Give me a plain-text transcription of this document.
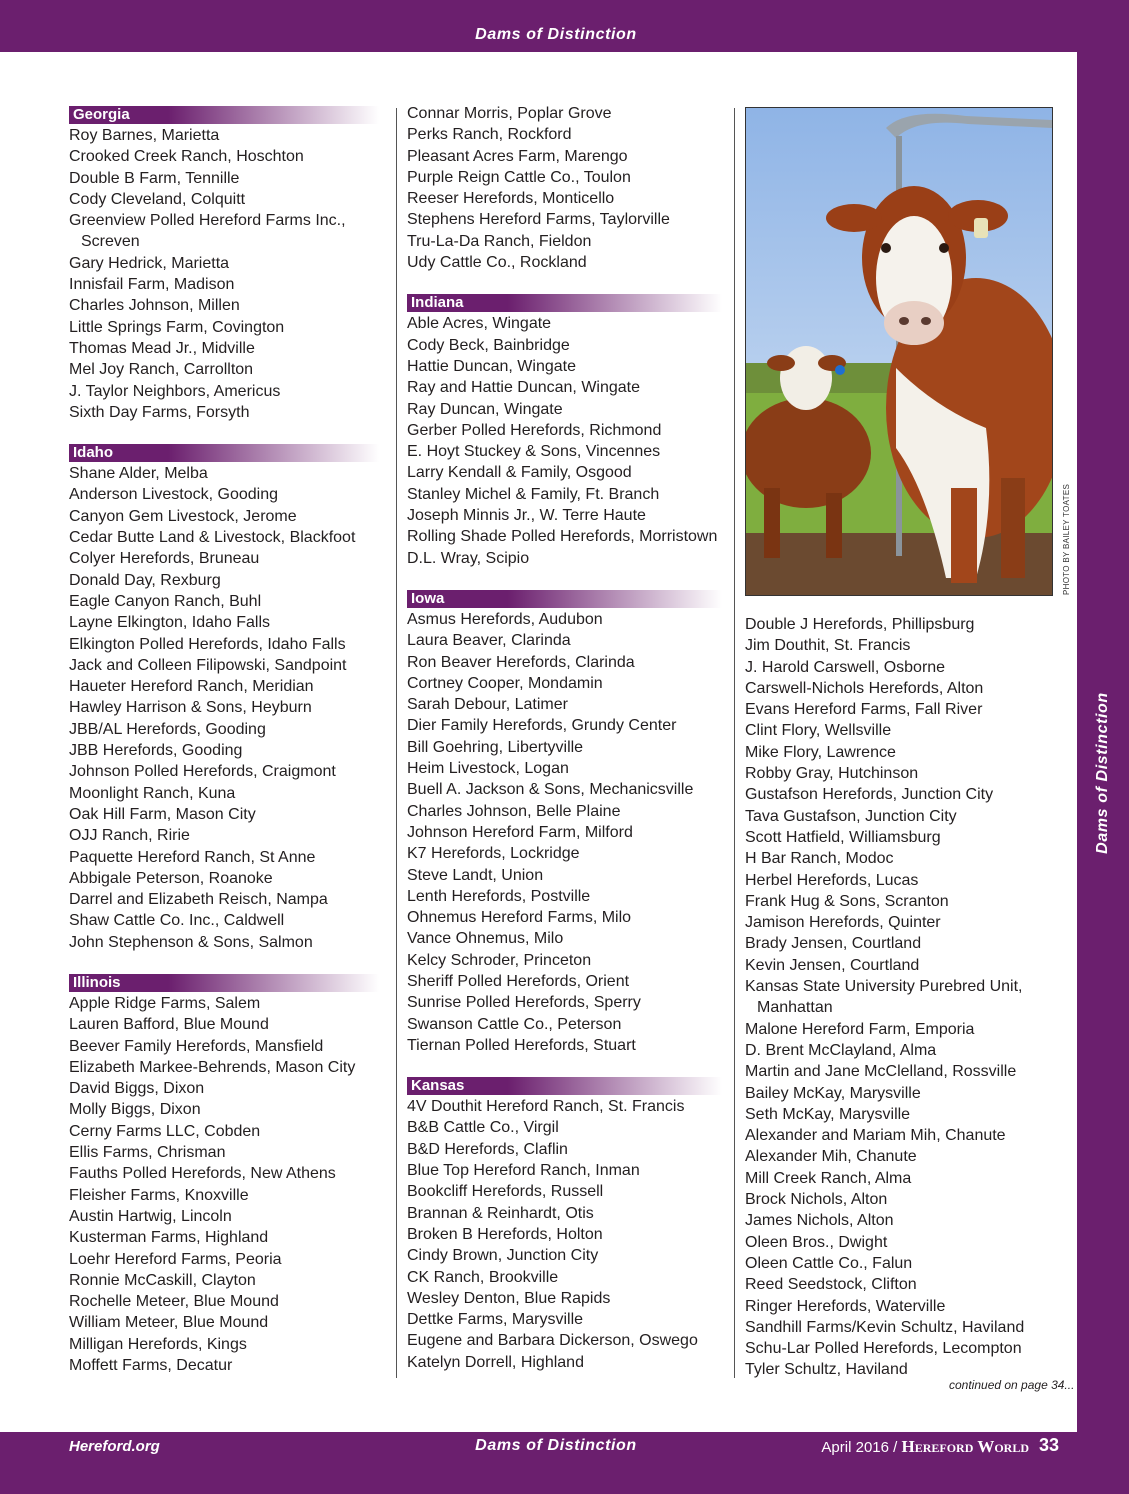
Dams of Distinction
Dams of Distinction
Georgia
Roy Barnes, Marietta
Crooked Creek Ranch, Hoschton
Double B Farm, Tennille
Cody Cleveland, Colquitt
Greenview Polled Hereford Farms Inc., Screven
Gary Hedrick, Marietta
Innisfail Farm, Madison
Charles Johnson, Millen
Little Springs Farm, Covington
Thomas Mead Jr., Midville
Mel Joy Ranch, Carrollton
J. Taylor Neighbors, Americus
Sixth Day Farms, Forsyth
Idaho
Shane Alder, Melba
Anderson Livestock, Gooding
Canyon Gem Livestock, Jerome
Cedar Butte Land & Livestock, Blackfoot
Colyer Herefords, Bruneau
Donald Day, Rexburg
Eagle Canyon Ranch, Buhl
Layne Elkington, Idaho Falls
Elkington Polled Herefords, Idaho Falls
Jack and Colleen Filipowski, Sandpoint
Haueter Hereford Ranch, Meridian
Hawley Harrison & Sons, Heyburn
JBB/AL Herefords, Gooding
JBB Herefords, Gooding
Johnson Polled Herefords, Craigmont
Moonlight Ranch, Kuna
Oak Hill Farm, Mason City
OJJ Ranch, Ririe
Paquette Hereford Ranch, St Anne
Abbigale Peterson, Roanoke
Darrel and Elizabeth Reisch, Nampa
Shaw Cattle Co. Inc., Caldwell
John Stephenson & Sons, Salmon
Illinois
Apple Ridge Farms, Salem
Lauren Bafford, Blue Mound
Beever Family Herefords, Mansfield
Elizabeth Markee-Behrends, Mason City
David Biggs, Dixon
Molly Biggs, Dixon
Cerny Farms LLC, Cobden
Ellis Farms, Chrisman
Fauths Polled Herefords, New Athens
Fleisher Farms, Knoxville
Austin Hartwig, Lincoln
Kusterman Farms, Highland
Loehr Hereford Farms, Peoria
Ronnie McCaskill, Clayton
Rochelle Meteer, Blue Mound
William Meteer, Blue Mound
Milligan Herefords, Kings
Moffett Farms, Decatur
Connar Morris, Poplar Grove
Perks Ranch, Rockford
Pleasant Acres Farm, Marengo
Purple Reign Cattle Co., Toulon
Reeser Herefords, Monticello
Stephens Hereford Farms, Taylorville
Tru-La-Da Ranch, Fieldon
Udy Cattle Co., Rockland
Indiana
Able Acres, Wingate
Cody Beck, Bainbridge
Hattie Duncan, Wingate
Ray and Hattie Duncan, Wingate
Ray Duncan, Wingate
Gerber Polled Herefords, Richmond
E. Hoyt Stuckey & Sons, Vincennes
Larry Kendall & Family, Osgood
Stanley Michel & Family, Ft. Branch
Joseph Minnis Jr., W. Terre Haute
Rolling Shade Polled Herefords, Morristown
D.L. Wray, Scipio
Iowa
Asmus Herefords, Audubon
Laura Beaver, Clarinda
Ron Beaver Herefords, Clarinda
Cortney Cooper, Mondamin
Sarah Debour, Latimer
Dier Family Herefords, Grundy Center
Bill Goehring, Libertyville
Heim Livestock, Logan
Buell A. Jackson & Sons, Mechanicsville
Charles Johnson, Belle Plaine
Johnson Hereford Farm, Milford
K7 Herefords, Lockridge
Steve Landt, Union
Lenth Herefords, Postville
Ohnemus Hereford Farms, Milo
Vance Ohnemus, Milo
Kelcy Schroder, Princeton
Sheriff Polled Herefords, Orient
Sunrise Polled Herefords, Sperry
Swanson Cattle Co., Peterson
Tiernan Polled Herefords, Stuart
Kansas
4V Douthit Hereford Ranch, St. Francis
B&B Cattle Co., Virgil
B&D Herefords, Claflin
Blue Top Hereford Ranch, Inman
Bookcliff Herefords, Russell
Brannan & Reinhardt, Otis
Broken B Herefords, Holton
Cindy Brown, Junction City
CK Ranch, Brookville
Wesley Denton, Blue Rapids
Dettke Farms, Marysville
Eugene and Barbara Dickerson, Oswego
Katelyn Dorrell, Highland
PHOTO BY BAILEY TOATES
Double J Herefords, Phillipsburg
Jim Douthit, St. Francis
J. Harold Carswell, Osborne
Carswell-Nichols Herefords, Alton
Evans Hereford Farms, Fall River
Clint Flory, Wellsville
Mike Flory, Lawrence
Robby Gray, Hutchinson
Gustafson Herefords, Junction City
Tava Gustafson, Junction City
Scott Hatfield, Williamsburg
H Bar Ranch, Modoc
Herbel Herefords, Lucas
Frank Hug & Sons, Scranton
Jamison Herefords, Quinter
Brady Jensen, Courtland
Kevin Jensen, Courtland
Kansas State University Purebred Unit, Manhattan
Malone Hereford Farm, Emporia
D. Brent McClayland, Alma
Martin and Jane McClelland, Rossville
Bailey McKay, Marysville
Seth McKay, Marysville
Alexander and Mariam Mih, Chanute
Alexander Mih, Chanute
Mill Creek Ranch, Alma
Brock Nichols, Alton
James Nichols, Alton
Oleen Bros., Dwight
Oleen Cattle Co., Falun
Reed Seedstock, Clifton
Ringer Herefords, Waterville
Sandhill Farms/Kevin Schultz, Haviland
Schu-Lar Polled Herefords, Lecompton
Tyler Schultz, Haviland
continued on page 34...
Hereford.org	Dams of Distinction	April 2016 / Hereford World 33
